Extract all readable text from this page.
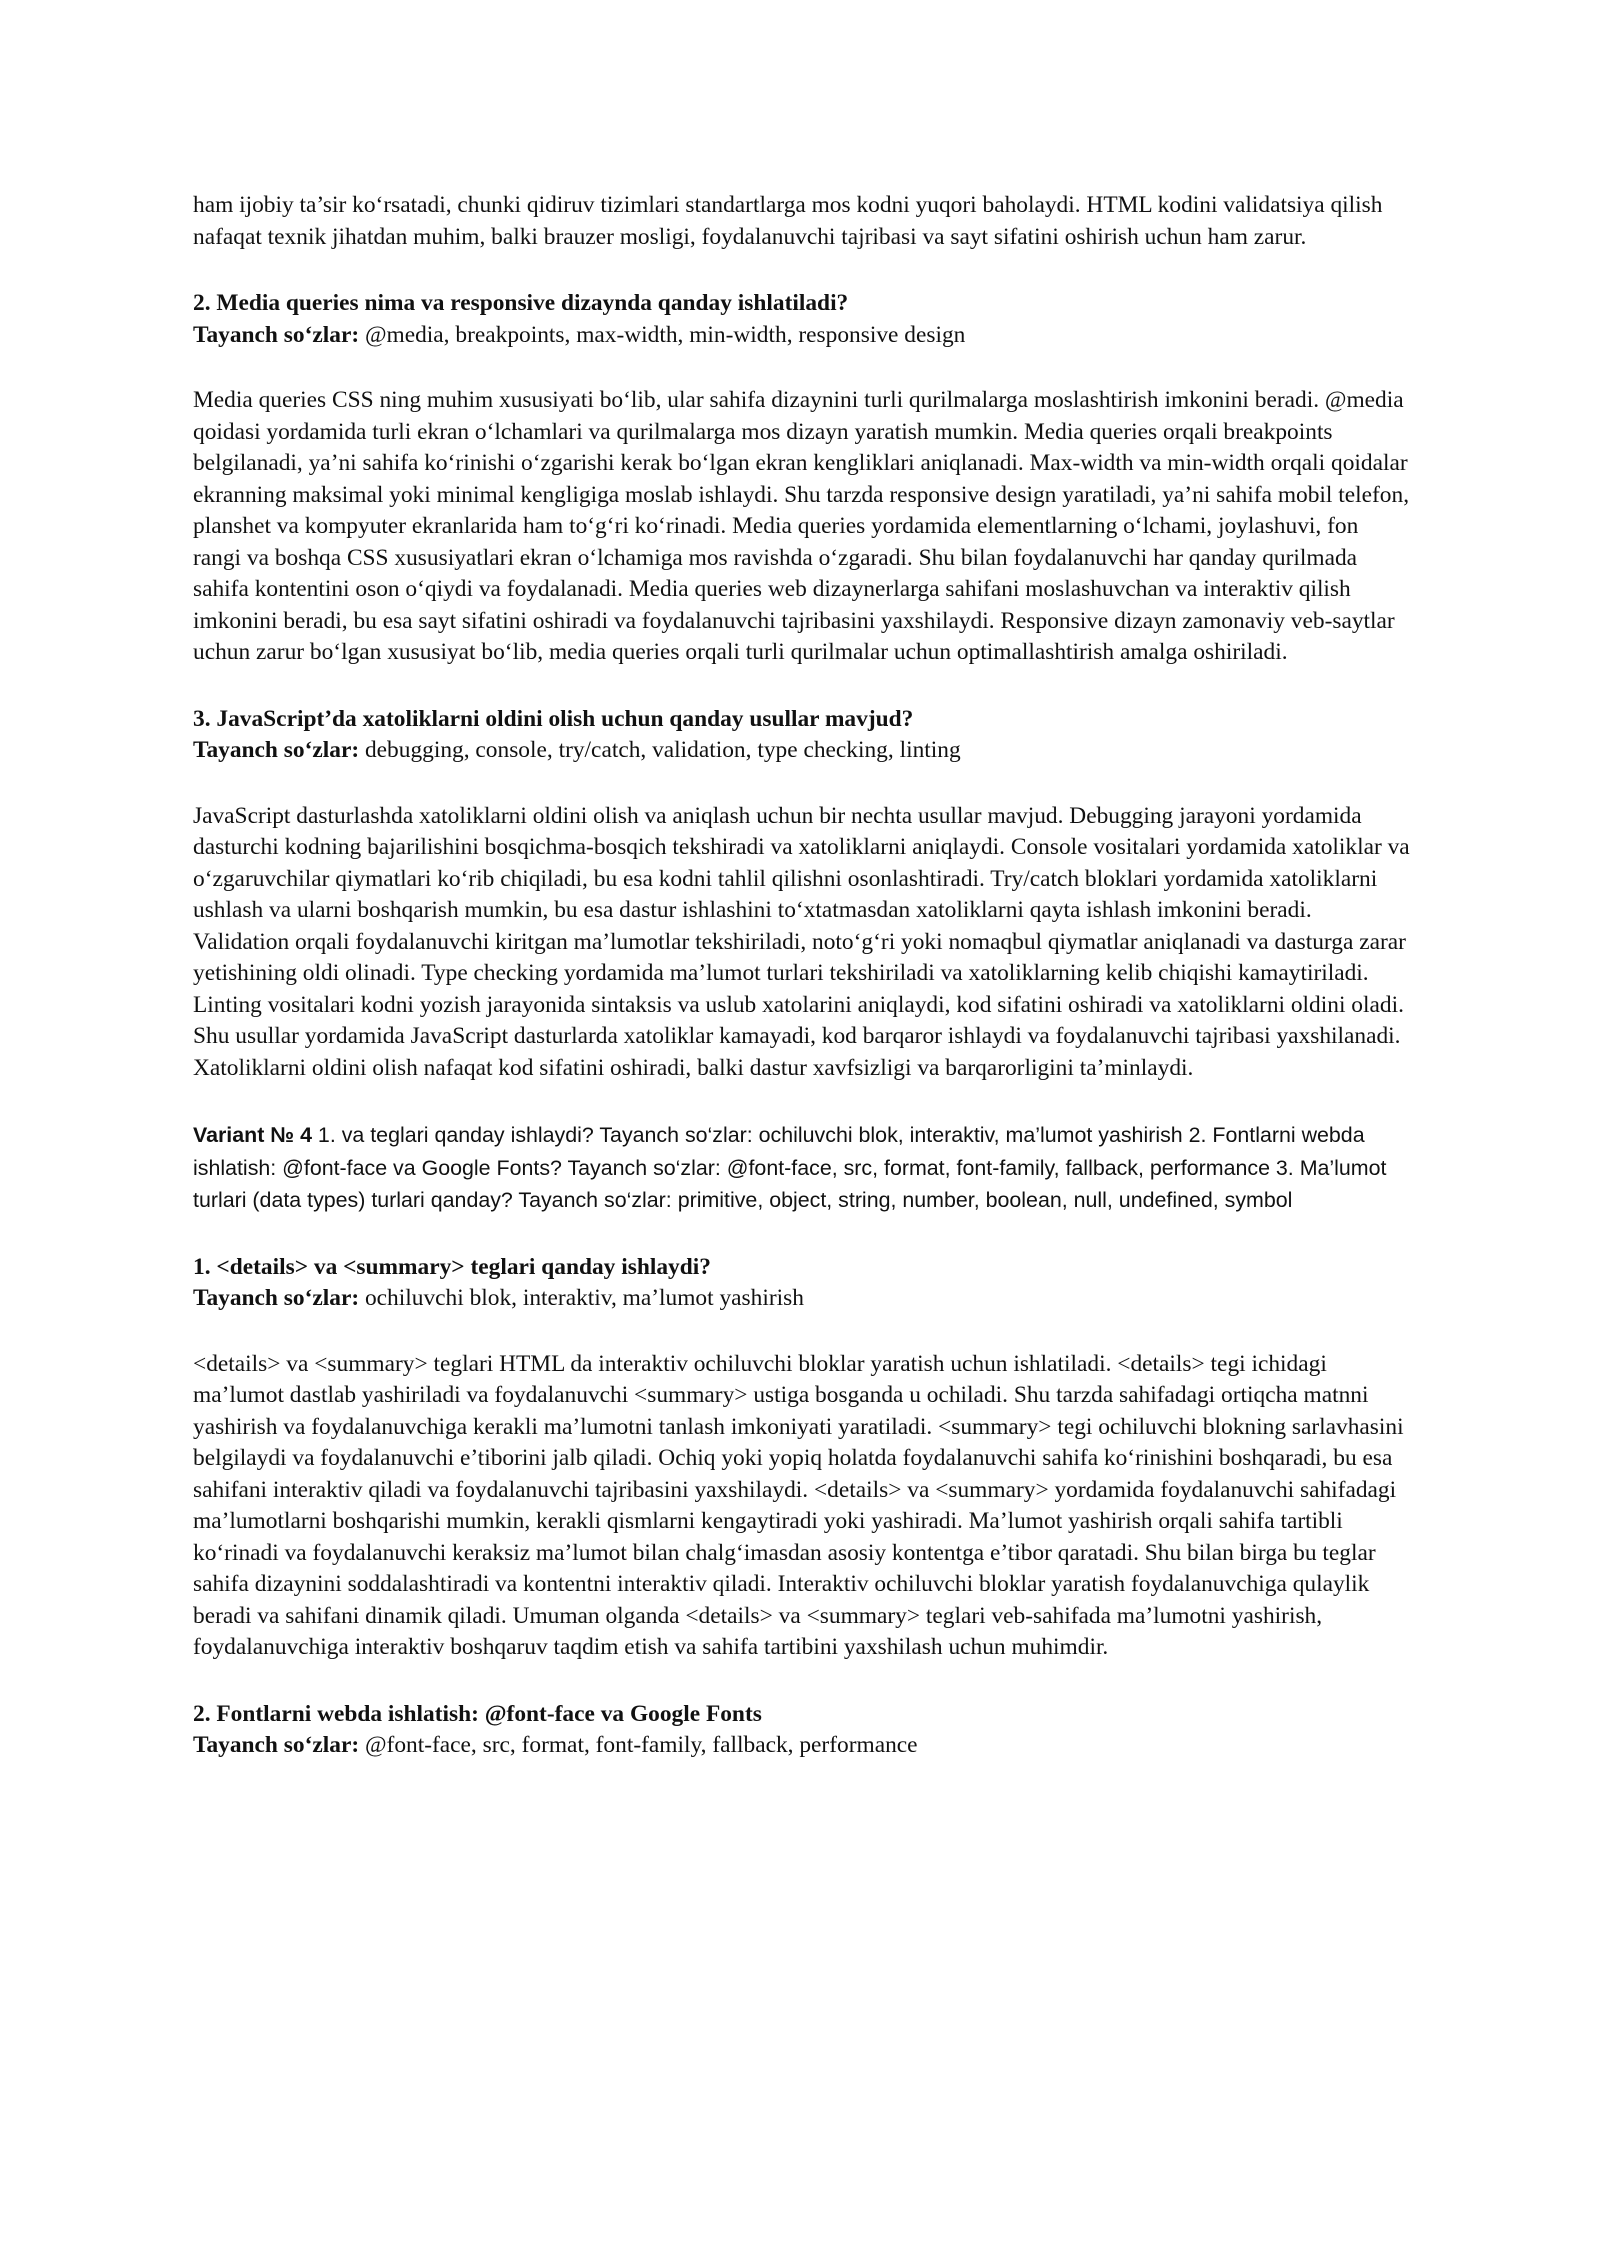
ham ijobiy ta’sir ko‘rsatadi, chunki qidiruv tizimlari standartlarga mos kodni yuqori baholaydi. HTML kodini validatsiya qilish nafaqat texnik jihatdan muhim, balki brauzer mosligi, foydalanuvchi tajribasi va sayt sifatini oshirish uchun ham zarur.

2. Media queries nima va responsive dizaynda qanday ishlatiladi?

Tayanch so‘zlar: @media, breakpoints, max-width, min-width, responsive design

Media queries CSS ning muhim xususiyati bo‘lib, ular sahifa dizaynini turli qurilmalarga moslashtirish imkonini beradi. @media qoidasi yordamida turli ekran o‘lchamlari va qurilmalarga mos dizayn yaratish mumkin. Media queries orqali breakpoints belgilanadi, ya’ni sahifa ko‘rinishi o‘zgarishi kerak bo‘lgan ekran kengliklari aniqlanadi. Max-width va min-width orqali qoidalar ekranning maksimal yoki minimal kengligiga moslab ishlaydi. Shu tarzda responsive design yaratiladi, ya’ni sahifa mobil telefon, planshet va kompyuter ekranlarida ham to‘g‘ri ko‘rinadi. Media queries yordamida elementlarning o‘lchami, joylashuvi, fon rangi va boshqa CSS xususiyatlari ekran o‘lchamiga mos ravishda o‘zgaradi. Shu bilan foydalanuvchi har qanday qurilmada sahifa kontentini oson o‘qiydi va foydalanadi. Media queries web dizaynerlarga sahifani moslashuvchan va interaktiv qilish imkonini beradi, bu esa sayt sifatini oshiradi va foydalanuvchi tajribasini yaxshilaydi. Responsive dizayn zamonaviy veb-saytlar uchun zarur bo‘lgan xususiyat bo‘lib, media queries orqali turli qurilmalar uchun optimallashtirish amalga oshiriladi.

3. JavaScript’da xatoliklarni oldini olish uchun qanday usullar mavjud?

Tayanch so‘zlar: debugging, console, try/catch, validation, type checking, linting

JavaScript dasturlashda xatoliklarni oldini olish va aniqlash uchun bir nechta usullar mavjud. Debugging jarayoni yordamida dasturchi kodning bajarilishini bosqichma-bosqich tekshiradi va xatoliklarni aniqlaydi. Console vositalari yordamida xatoliklar va o‘zgaruvchilar qiymatlari ko‘rib chiqiladi, bu esa kodni tahlil qilishni osonlashtiradi. Try/catch bloklari yordamida xatoliklarni ushlash va ularni boshqarish mumkin, bu esa dastur ishlashini to‘xtatmasdan xatoliklarni qayta ishlash imkonini beradi. Validation orqali foydalanuvchi kiritgan ma’lumotlar tekshiriladi, noto‘g‘ri yoki nomaqbul qiymatlar aniqlanadi va dasturga zarar yetishining oldi olinadi. Type checking yordamida ma’lumot turlari tekshiriladi va xatoliklarning kelib chiqishi kamaytiriladi. Linting vositalari kodni yozish jarayonida sintaksis va uslub xatolarini aniqlaydi, kod sifatini oshiradi va xatoliklarni oldini oladi. Shu usullar yordamida JavaScript dasturlarda xatoliklar kamayadi, kod barqaror ishlaydi va foydalanuvchi tajribasi yaxshilanadi. Xatoliklarni oldini olish nafaqat kod sifatini oshiradi, balki dastur xavfsizligi va barqarorligini ta’minlaydi.

Variant № 4 1. va teglari qanday ishlaydi? Tayanch so‘zlar: ochiluvchi blok, interaktiv, ma’lumot yashirish 2. Fontlarni webda ishlatish: @font-face va Google Fonts? Tayanch so‘zlar: @font-face, src, format, font-family, fallback, performance 3. Ma’lumot turlari (data types) turlari qanday? Tayanch so‘zlar: primitive, object, string, number, boolean, null, undefined, symbol

1. <details> va <summary> teglari qanday ishlaydi?

Tayanch so‘zlar: ochiluvchi blok, interaktiv, ma’lumot yashirish

<details> va <summary> teglari HTML da interaktiv ochiluvchi bloklar yaratish uchun ishlatiladi. <details> tegi ichidagi ma’lumot dastlab yashiriladi va foydalanuvchi <summary> ustiga bosganda u ochiladi. Shu tarzda sahifadagi ortiqcha matnni yashirish va foydalanuvchiga kerakli ma’lumotni tanlash imkoniyati yaratiladi. <summary> tegi ochiluvchi blokning sarlavhasini belgilaydi va foydalanuvchi e’tiborini jalb qiladi. Ochiq yoki yopiq holatda foydalanuvchi sahifa ko‘rinishini boshqaradi, bu esa sahifani interaktiv qiladi va foydalanuvchi tajribasini yaxshilaydi. <details> va <summary> yordamida foydalanuvchi sahifadagi ma’lumotlarni boshqarishi mumkin, kerakli qismlarni kengaytiradi yoki yashiradi. Ma’lumot yashirish orqali sahifa tartibli ko‘rinadi va foydalanuvchi keraksiz ma’lumot bilan chalg‘imasdan asosiy kontentga e’tibor qaratadi. Shu bilan birga bu teglar sahifa dizaynini soddalashtiradi va kontentni interaktiv qiladi. Interaktiv ochiluvchi bloklar yaratish foydalanuvchiga qulaylik beradi va sahifani dinamik qiladi. Umuman olganda <details> va <summary> teglari veb-sahifada ma’lumotni yashirish, foydalanuvchiga interaktiv boshqaruv taqdim etish va sahifa tartibini yaxshilash uchun muhimdir.

2. Fontlarni webda ishlatish: @font-face va Google Fonts

Tayanch so‘zlar: @font-face, src, format, font-family, fallback, performance
